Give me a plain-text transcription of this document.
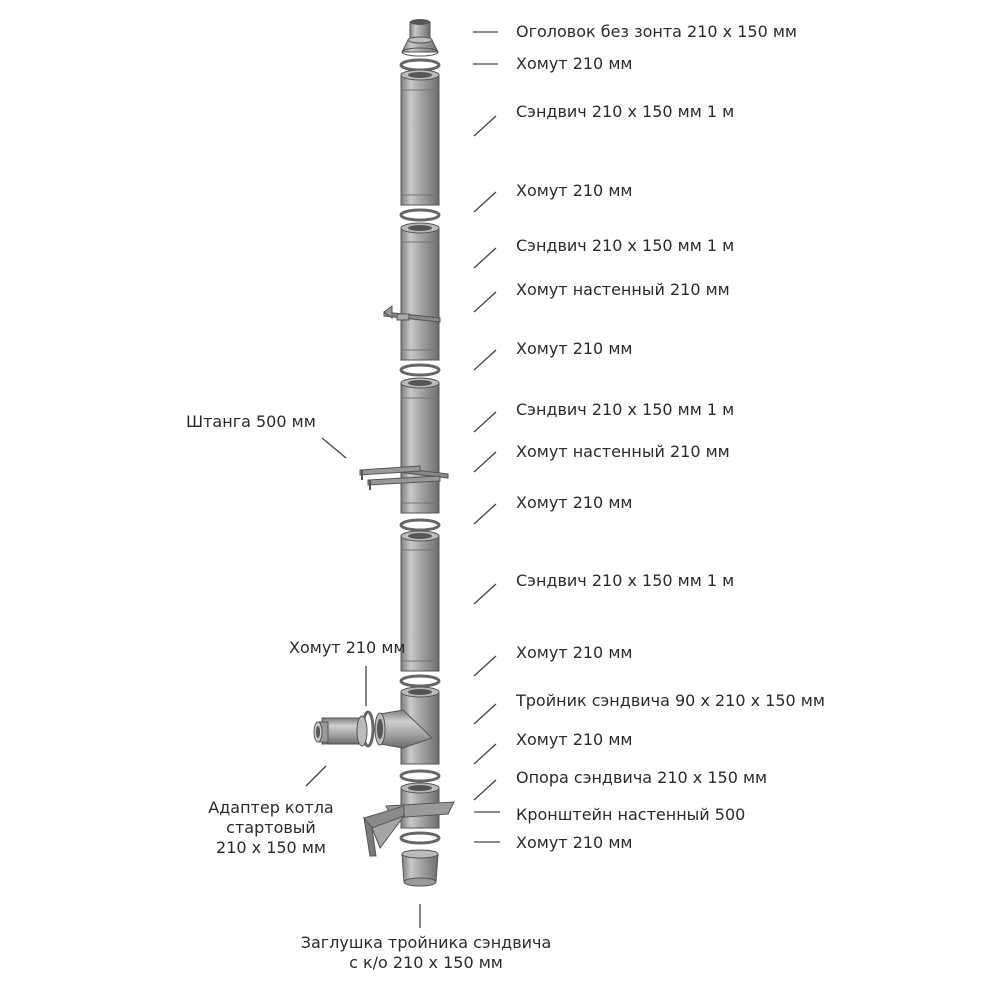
Оголовок без зонта 210 х 150 мм
Хомут 210 мм
Сэндвич 210 х 150 мм 1 м
Хомут 210 мм
Сэндвич 210 х 150 мм 1 м
Хомут настенный 210 мм
Хомут 210 мм
Сэндвич 210 х 150 мм 1 м
Хомут настенный 210 мм
Хомут 210 мм
Сэндвич 210 х 150 мм 1 м
Хомут 210 мм
Тройник сэндвича 90 х 210 х 150 мм
Хомут 210 мм
Опора сэндвича 210 х 150 мм
Кронштейн настенный 500
Хомут 210 мм
Штанга 500 мм
Хомут 210 мм
Адаптер котла
стартовый
210 х 150 мм
Заглушка тройника сэндвича
с к/о 210 х 150 мм
